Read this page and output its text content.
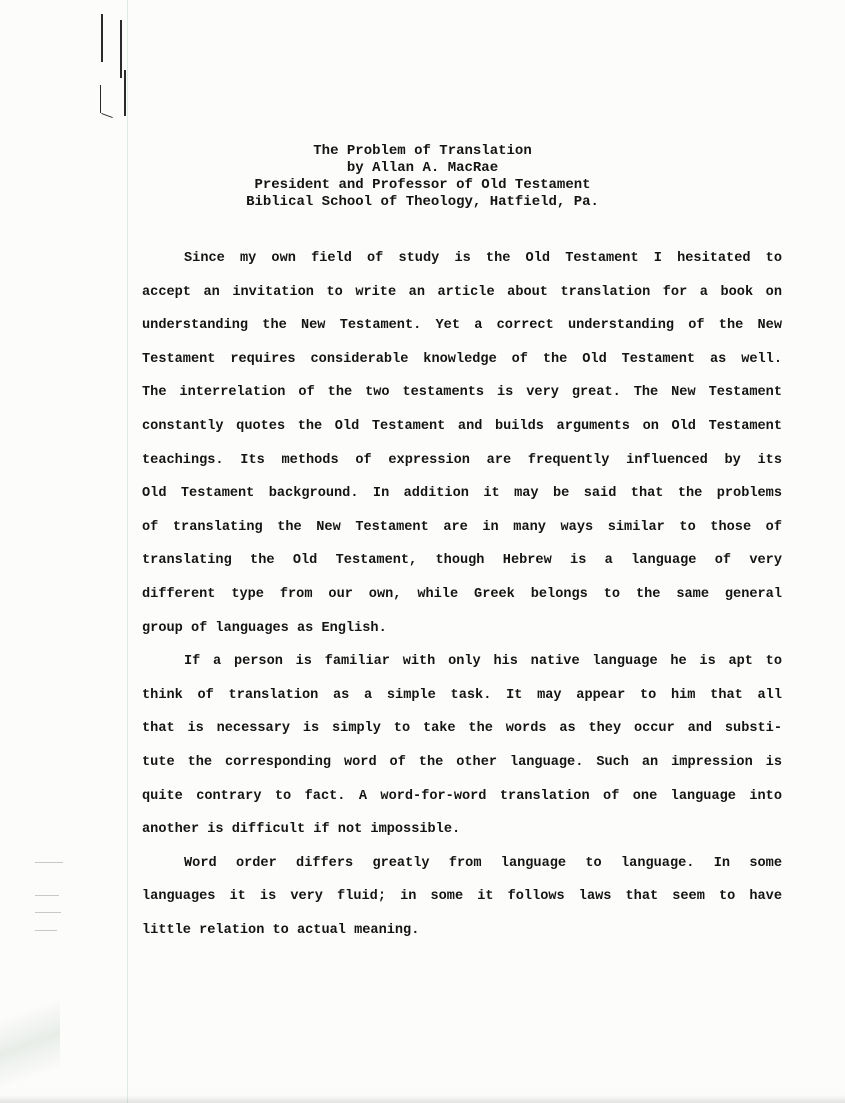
The Problem of Translation
by Allan A. MacRae
President and Professor of Old Testament
Biblical School of Theology, Hatfield, Pa.
Since my own field of study is the Old Testament I hesitated to
accept an invitation to write an article about translation for a book on
understanding the New Testament. Yet a correct understanding of the New
Testament requires considerable knowledge of the Old Testament as well.
The interrelation of the two testaments is very great. The New Testament
constantly quotes the Old Testament and builds arguments on Old Testament
teachings. Its methods of expression are frequently influenced by its
Old Testament background. In addition it may be said that the problems
of translating the New Testament are in many ways similar to those of
translating the Old Testament, though Hebrew is a language of very
different type from our own, while Greek belongs to the same general
group of languages as English.
If a person is familiar with only his native language he is apt to
think of translation as a simple task. It may appear to him that all
that is necessary is simply to take the words as they occur and substi-
tute the corresponding word of the other language. Such an impression is
quite contrary to fact. A word-for-word translation of one language into
another is difficult if not impossible.
Word order differs greatly from language to language. In some
languages it is very fluid; in some it follows laws that seem to have
little relation to actual meaning.
